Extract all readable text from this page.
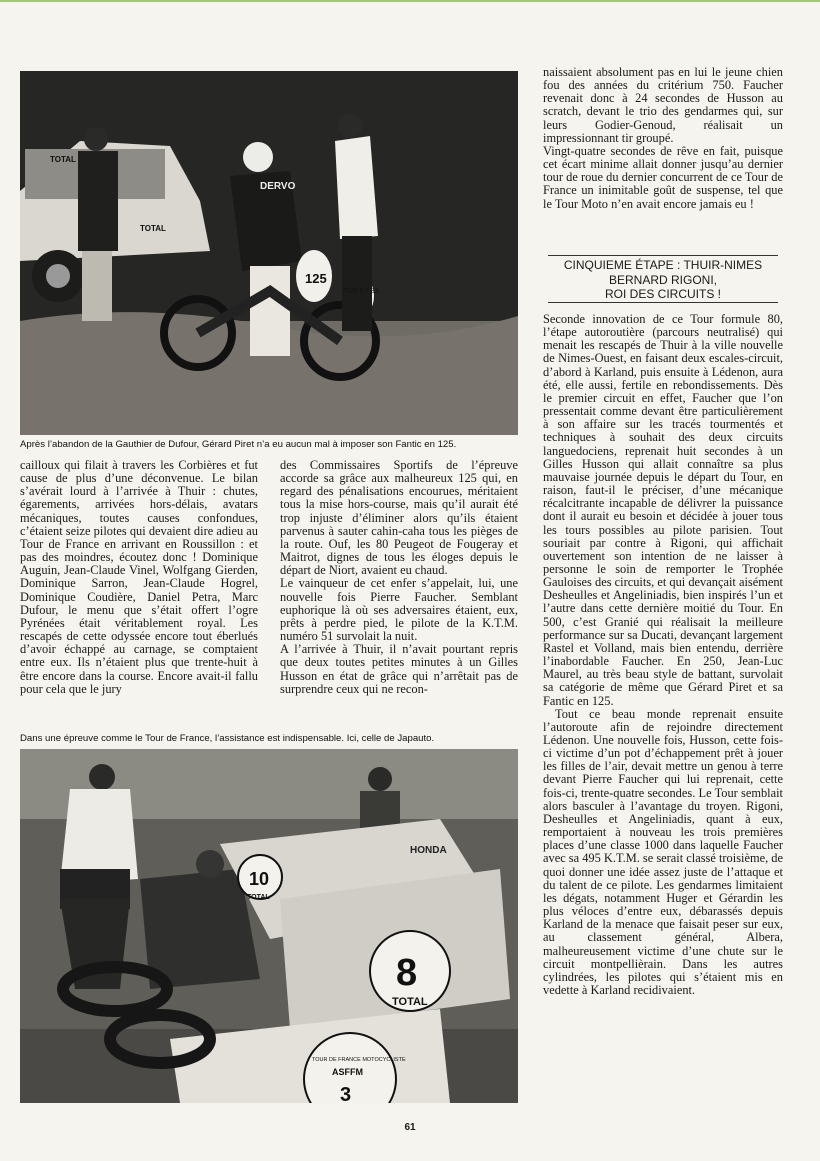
TOTAL
TOTAL
DERVO
125
7520 EY 83
Après l’abandon de la Gauthier de Dufour, Gérard Piret n’a eu aucun mal à imposer son Fantic en 125.

cailloux qui filait à travers les Corbières et fut cause de plus d’une déconvenue. Le bilan s’avérait lourd à l’arrivée à Thuir : chutes, égarements, arrivées hors-délais, avatars mécaniques, toutes causes confondues, c’étaient seize pilotes qui devaient dire adieu au Tour de France en arrivant en Roussillon : et pas des moindres, écoutez donc ! Dominique Auguin, Jean-Claude Vinel, Wolfgang Gierden, Dominique Sarron, Jean-Claude Hogrel, Dominique Coudière, Daniel Petra, Marc Dufour, le menu que s’était offert l’ogre Pyrénées était véritablement royal. Les rescapés de cette odyssée encore tout éberlués d’avoir échappé au carnage, se comptaient entre eux. Ils n’étaient plus que trente-huit à être encore dans la course. Encore avait-il fallu pour cela que le jury

des Commissaires Sportifs de l’épreuve accorde sa grâce aux malheureux 125 qui, en regard des pénalisations encourues, méritaient tous la mise hors-course, mais qu’il aurait été trop injuste d’éliminer alors qu’ils étaient parvenus à sauter cahin-caha tous les pièges de la route. Ouf, les 80 Peugeot de Fougeray et Maitrot, dignes de tous les éloges depuis le départ de Niort, avaient eu chaud.

Le vainqueur de cet enfer s’appelait, lui, une nouvelle fois Pierre Faucher. Semblant euphorique là où ses adversaires étaient, eux, prêts à perdre pied, le pilote de la K.T.M. numéro 51 survolait la nuit.

A l’arrivée à Thuir, il n’avait pourtant repris que deux toutes petites minutes à un Gilles Husson en état de grâce qui n’arrêtait pas de surprendre ceux qui ne recon-

Dans une épreuve comme le Tour de France, l’assistance est indispensable. Ici, celle de Japauto.
10
TOTAL
8
TOTAL
HONDA
TOUR DE FRANCE MOTOCYCLISTE
ASFFM
3

naissaient absolument pas en lui le jeune chien fou des années du critérium 750. Faucher revenait donc à 24 secondes de Husson au scratch, devant le trio des gendarmes qui, sur leurs Godier-Genoud, réalisait un impressionnant tir groupé.

Vingt-quatre secondes de rêve en fait, puisque cet écart minime allait donner jusqu’au dernier tour de roue du dernier concurrent de ce Tour de France un inimitable goût de suspense, tel que le Tour Moto n’en avait encore jamais eu !

CINQUIEME ÉTAPE : THUIR-NIMES
BERNARD RIGONI,
ROI DES CIRCUITS !

Seconde innovation de ce Tour formule 80, l’étape autoroutière (parcours neutralisé) qui menait les rescapés de Thuir à la ville nouvelle de Nimes-Ouest, en faisant deux escales-circuit, d’abord à Karland, puis ensuite à Lédenon, aura été, elle aussi, fertile en rebondissements. Dès le premier circuit en effet, Faucher que l’on pressentait comme devant être particulièrement à son affaire sur les tracés tourmentés et techniques à souhait des deux circuits languedociens, reprenait huit secondes à un Gilles Husson qui allait connaître sa plus mauvaise journée depuis le départ du Tour, en raison, faut-il le préciser, d’une mécanique récalcitrante incapable de délivrer la puissance dont il aurait eu besoin et décidée à jouer tous les tours possibles au pilote parisien. Tout souriait par contre à Rigoni, qui affichait ouvertement son intention de ne laisser à personne le soin de remporter le Trophée Gauloises des circuits, et qui devançait aisément Desheulles et Angeliniadis, bien inspirés l’un et l’autre dans cette dernière moitié du Tour. En 500, c’est Granié qui réalisait la meilleure performance sur sa Ducati, devançant largement Rastel et Volland, mais bien entendu, derrière l’inabordable Faucher. En 250, Jean-Luc Maurel, au très beau style de battant, survolait sa catégorie de même que Gérard Piret et sa Fantic en 125.

Tout ce beau monde reprenait ensuite l’autoroute afin de rejoindre directement Lédenon. Une nouvelle fois, Husson, cette fois-ci victime d’un pot d’échappement prêt à jouer les filles de l’air, devait mettre un genou à terre devant Pierre Faucher qui lui reprenait, cette fois-ci, trente-quatre secondes. Le Tour semblait alors basculer à l’avantage du troyen. Rigoni, Desheulles et Angeliniadis, quant à eux, remportaient à nouveau les trois premières places d’une classe 1000 dans laquelle Faucher avec sa 495 K.T.M. se serait classé troisième, de quoi donner une idée assez juste de l’attaque et du talent de ce pilote. Les gendarmes limitaient les dégats, notamment Huger et Gérardin les plus véloces d’entre eux, débarassés depuis Karland de la menace que faisait peser sur eux, au classement général, Albera, malheureusement victime d’une chute sur le circuit montpellièrain. Dans les autres cylindrées, les pilotes qui s’étaient mis en vedette à Karland recidivaient.

61
